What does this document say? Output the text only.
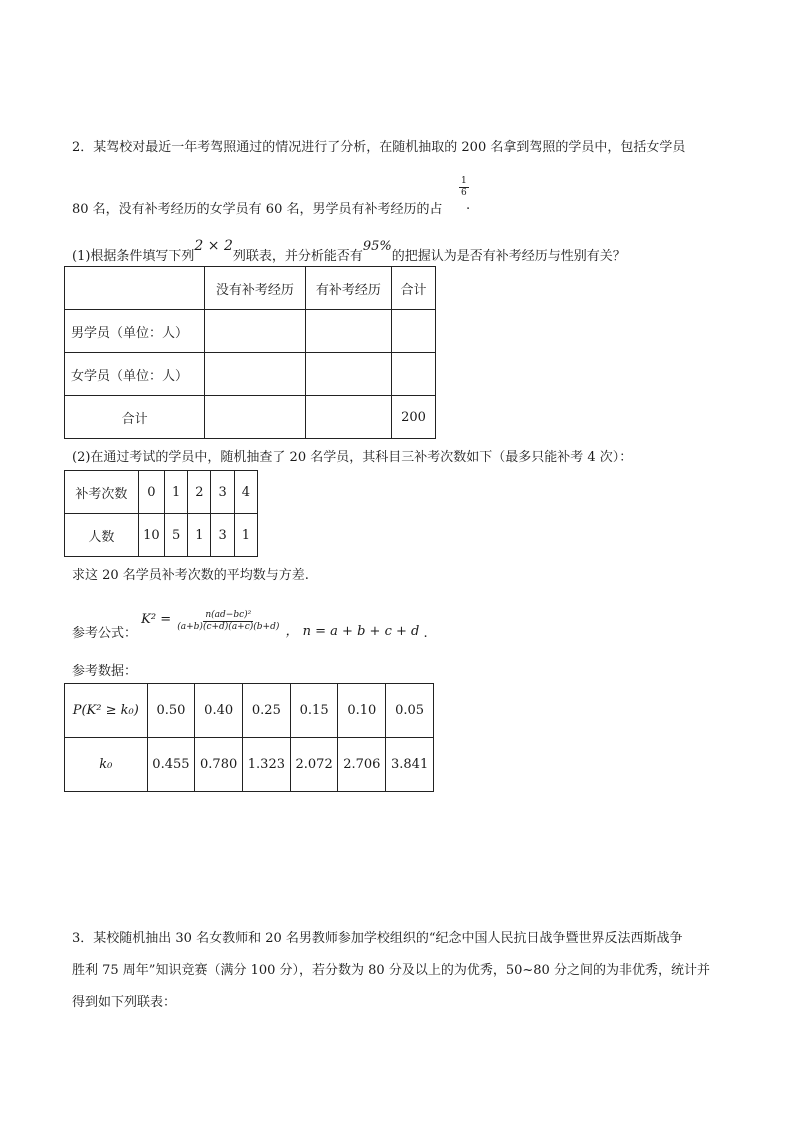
2．某驾校对最近一年考驾照通过的情况进行了分析，在随机抽取的 200 名拿到驾照的学员中，包括女学员
80 名，没有补考经历的女学员有 60 名，男学员有补考经历的占
$\frac{1}{6}$
.
(1)根据条件填写下列2 × 2列联表，并分析能否有95%的把握认为是否有补考经历与性别有关？
	没有补考经历	有补考经历	合计
男学员（单位：人）			
女学员（单位：人）			
合计			200
(2)在通过考试的学员中，随机抽查了 20 名学员，其科目三补考次数如下（最多只能补考 4 次）：
补考次数	0	1	2	3	4
人数	10	5	1	3	1
求这 20 名学员补考次数的平均数与方差.
参考公式： $K^2 = \frac{\text{n(ad−bc)²}}{(a+b)(c+d)(a+c)(b+d)}$ ， n = a + b + c + d .
参考数据：
P(K² ≥ k₀)	0.50	0.40	0.25	0.15	0.10	0.05
k₀	0.455	0.780	1.323	2.072	2.706	3.841
3．某校随机抽出 30 名女教师和 20 名男教师参加学校组织的“纪念中国人民抗日战争暨世界反法西斯战争
胜利 75 周年”知识竞赛（满分 100 分），若分数为 80 分及以上的为优秀，50~80 分之间的为非优秀，统计并
得到如下列联表：
